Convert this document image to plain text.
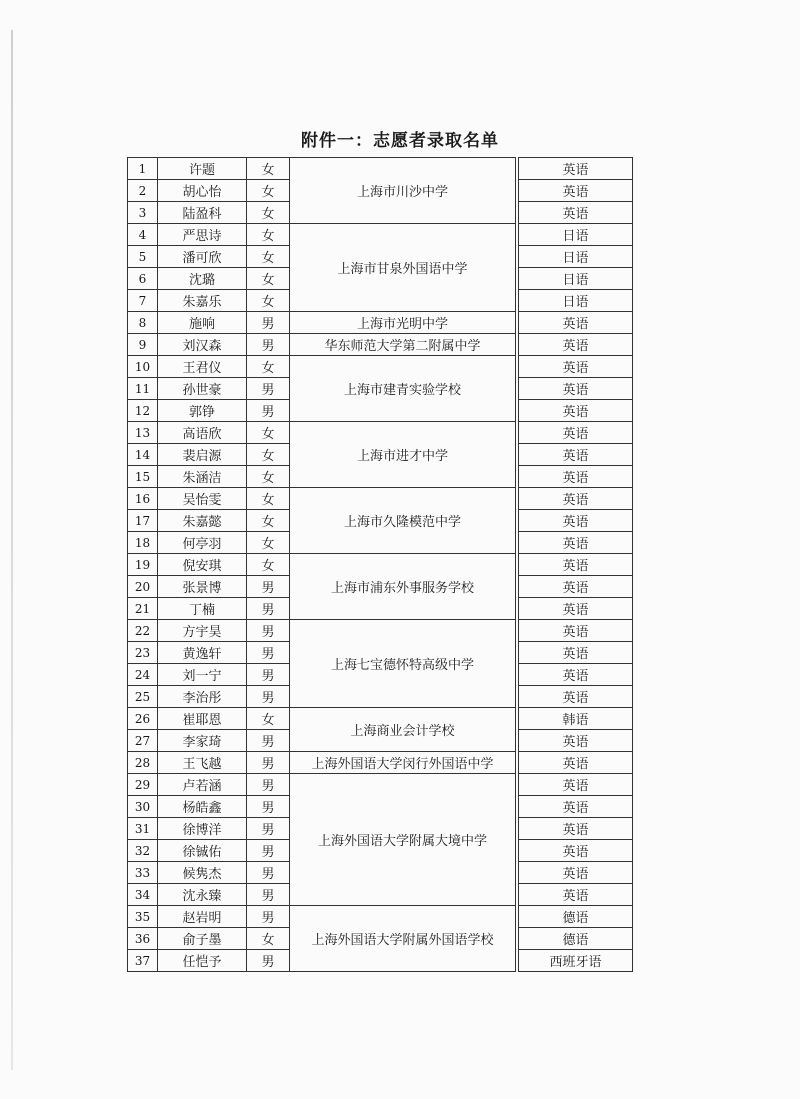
附件一：志愿者录取名单
1	许题	女	上海市川沙中学		英语
2	胡心怡	女			英语
3	陆盈科	女			英语
4	严思诗	女	上海市甘泉外国语中学		日语
5	潘可欣	女			日语
6	沈璐	女			日语
7	朱嘉乐	女			日语
8	施响	男	上海市光明中学		英语
9	刘汉森	男	华东师范大学第二附属中学		英语
10	王君仪	女	上海市建青实验学校		英语
11	孙世豪	男			英语
12	郭铮	男			英语
13	高语欣	女	上海市进才中学		英语
14	裴启源	女			英语
15	朱涵洁	女			英语
16	吴怡雯	女	上海市久隆模范中学		英语
17	朱嘉懿	女			英语
18	何亭羽	女			英语
19	倪安琪	女	上海市浦东外事服务学校		英语
20	张景博	男			英语
21	丁楠	男			英语
22	方宇昊	男	上海七宝德怀特高级中学		英语
23	黄逸轩	男			英语
24	刘一宁	男			英语
25	李治彤	男			英语
26	崔耶恩	女	上海商业会计学校		韩语
27	李家琦	男			英语
28	王飞越	男	上海外国语大学闵行外国语中学		英语
29	卢若涵	男	上海外国语大学附属大境中学		英语
30	杨皓鑫	男			英语
31	徐博洋	男			英语
32	徐铖佑	男			英语
33	候隽杰	男			英语
34	沈永臻	男			英语
35	赵岩明	男	上海外国语大学附属外国语学校		德语
36	俞子墨	女			德语
37	任恺予	男			西班牙语
